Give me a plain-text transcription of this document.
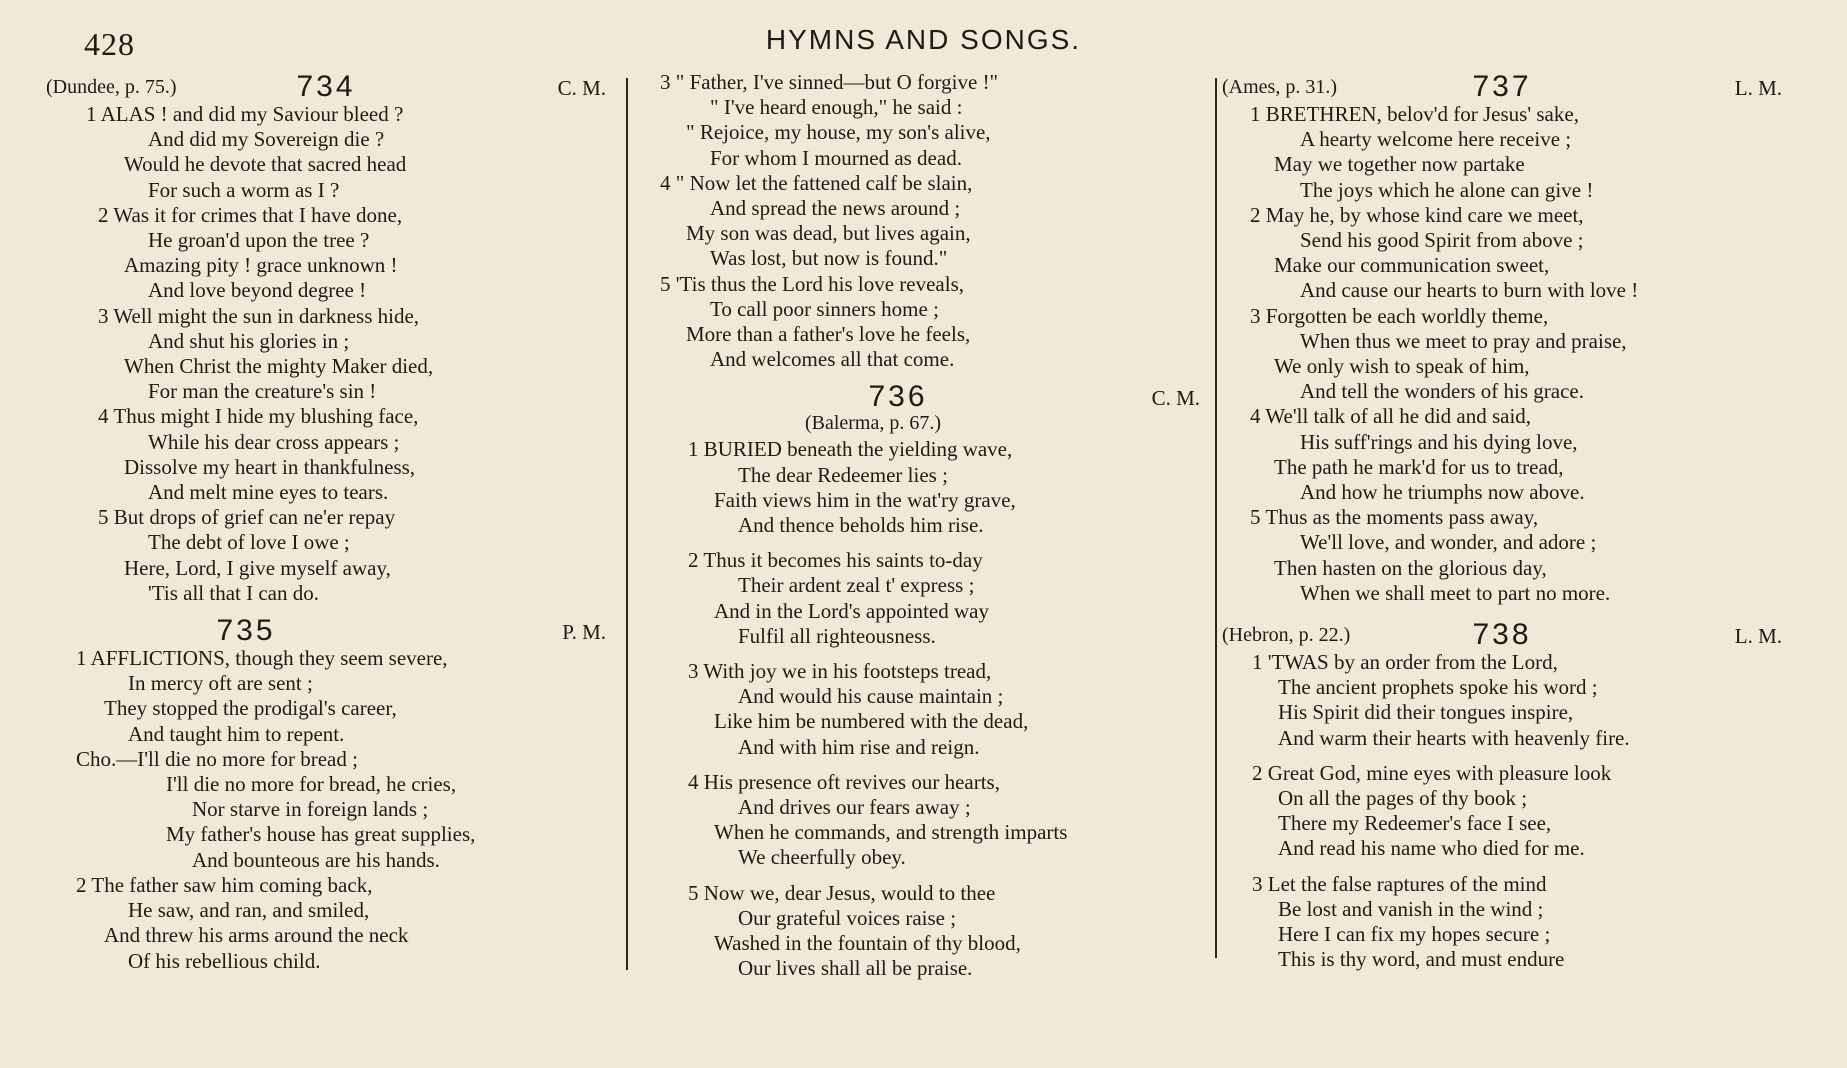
428	HYMNS AND SONGS.
(Dundee, p. 75.)	734	C. M.
1 ALAS ! and did my Saviour bleed ?
And did my Sovereign die ?
Would he devote that sacred head
For such a worm as I ?
2 Was it for crimes that I have done,
He groan'd upon the tree ?
Amazing pity ! grace unknown !
And love beyond degree !
3 Well might the sun in darkness hide,
And shut his glories in ;
When Christ the mighty Maker died,
For man the creature's sin !
4 Thus might I hide my blushing face,
While his dear cross appears ;
Dissolve my heart in thankfulness,
And melt mine eyes to tears.
5 But drops of grief can ne'er repay
The debt of love I owe ;
Here, Lord, I give myself away,
'Tis all that I can do.
735	P. M.
1 AFFLICTIONS, though they seem severe,
In mercy oft are sent ;
They stopped the prodigal's career,
And taught him to repent.
Cho.—I'll die no more for bread ;
I'll die no more for bread, he cries,
Nor starve in foreign lands ;
My father's house has great supplies,
And bounteous are his hands.
2 The father saw him coming back,
He saw, and ran, and smiled,
And threw his arms around the neck
Of his rebellious child.
3 " Father, I've sinned—but O forgive !"
" I've heard enough," he said :
" Rejoice, my house, my son's alive,
For whom I mourned as dead.
4 " Now let the fattened calf be slain,
And spread the news around ;
My son was dead, but lives again,
Was lost, but now is found."
5 'Tis thus the Lord his love reveals,
To call poor sinners home ;
More than a father's love he feels,
And welcomes all that come.
736	C. M.
(Balerma, p. 67.)
1 BURIED beneath the yielding wave,
The dear Redeemer lies ;
Faith views him in the wat'ry grave,
And thence beholds him rise.
2 Thus it becomes his saints to-day
Their ardent zeal t' express ;
And in the Lord's appointed way
Fulfil all righteousness.
3 With joy we in his footsteps tread,
And would his cause maintain ;
Like him be numbered with the dead,
And with him rise and reign.
4 His presence oft revives our hearts,
And drives our fears away ;
When he commands, and strength imparts
We cheerfully obey.
5 Now we, dear Jesus, would to thee
Our grateful voices raise ;
Washed in the fountain of thy blood,
Our lives shall all be praise.
(Ames, p. 31.)	737	L. M.
1 BRETHREN, belov'd for Jesus' sake,
A hearty welcome here receive ;
May we together now partake
The joys which he alone can give !
2 May he, by whose kind care we meet,
Send his good Spirit from above ;
Make our communication sweet,
And cause our hearts to burn with love !
3 Forgotten be each worldly theme,
When thus we meet to pray and praise,
We only wish to speak of him,
And tell the wonders of his grace.
4 We'll talk of all he did and said,
His suff'rings and his dying love,
The path he mark'd for us to tread,
And how he triumphs now above.
5 Thus as the moments pass away,
We'll love, and wonder, and adore ;
Then hasten on the glorious day,
When we shall meet to part no more.
(Hebron, p. 22.)	738	L. M.
1 'TWAS by an order from the Lord,
The ancient prophets spoke his word ;
His Spirit did their tongues inspire,
And warm their hearts with heavenly fire.
2 Great God, mine eyes with pleasure look
On all the pages of thy book ;
There my Redeemer's face I see,
And read his name who died for me.
3 Let the false raptures of the mind
Be lost and vanish in the wind ;
Here I can fix my hopes secure ;
This is thy word, and must endure
